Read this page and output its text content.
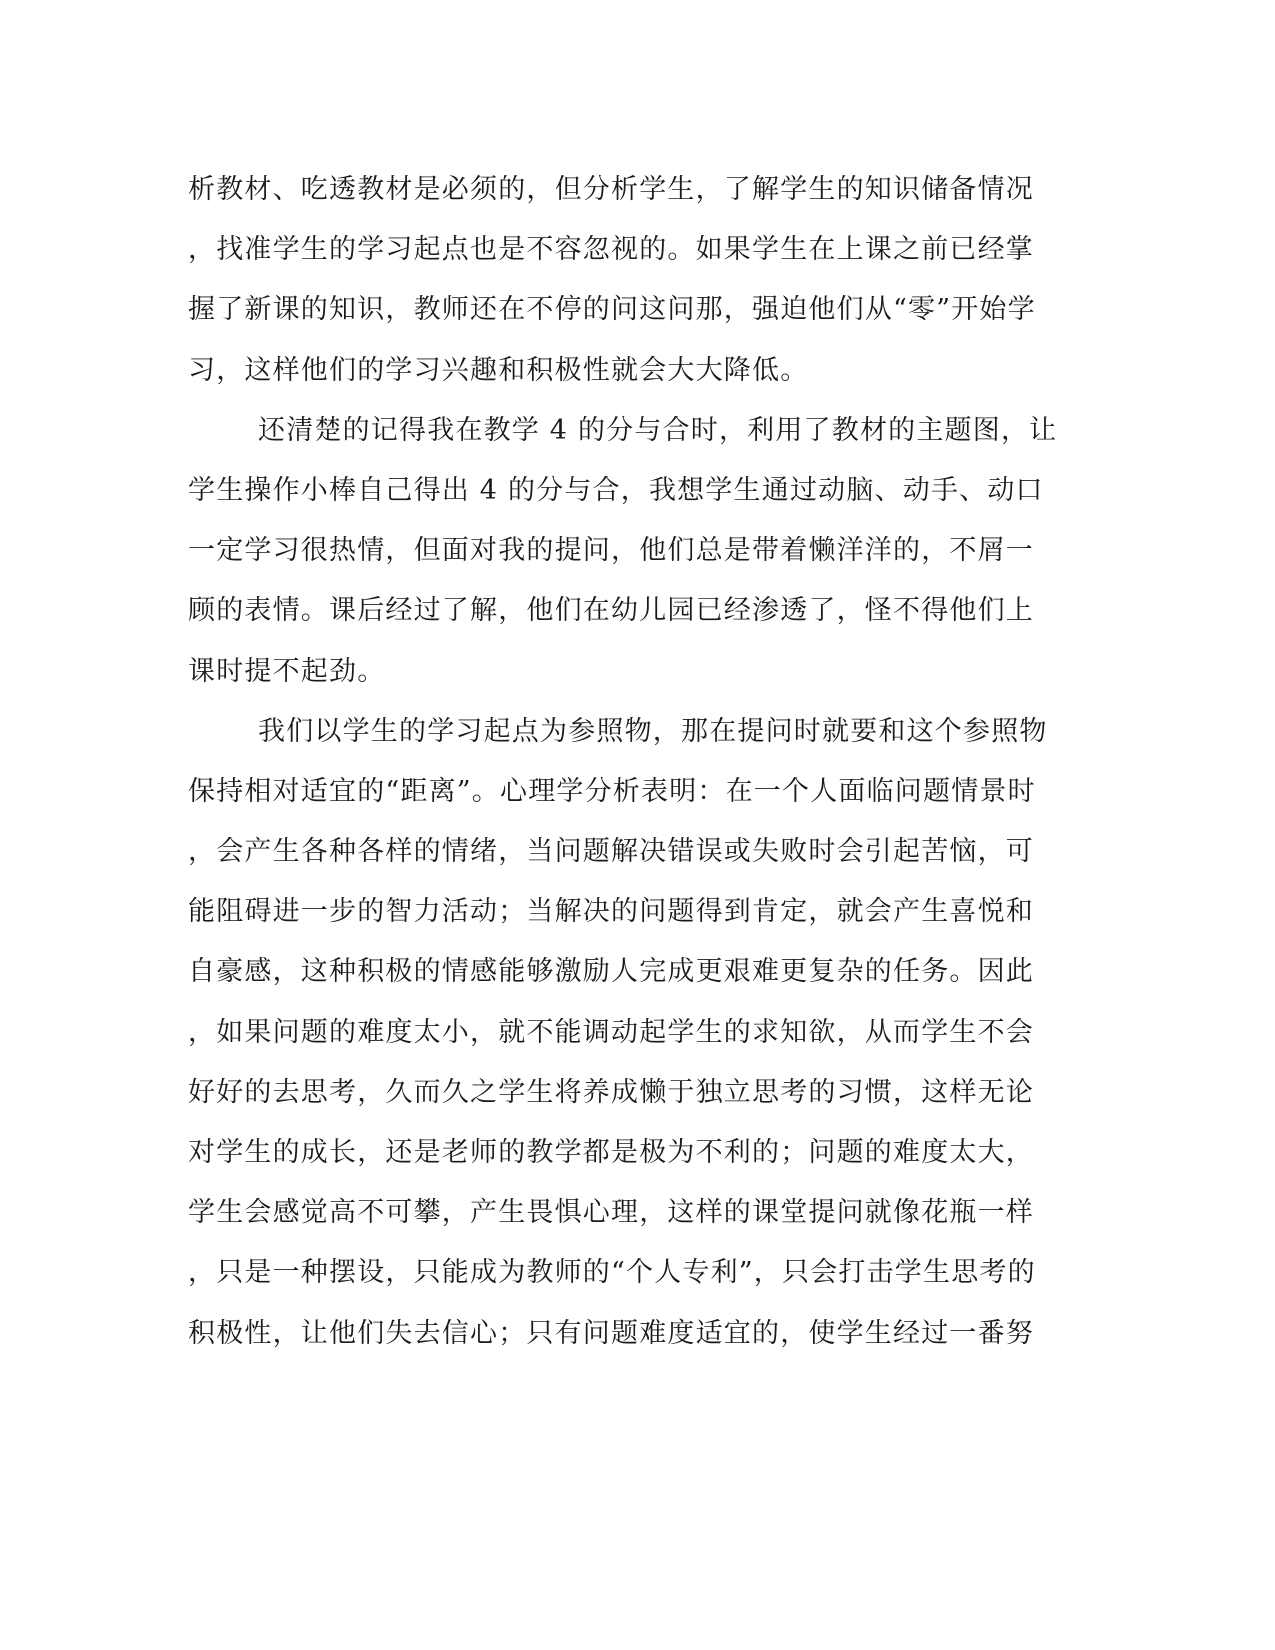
析教材、吃透教材是必须的，但分析学生，了解学生的知识储备情况
，找准学生的学习起点也是不容忽视的。如果学生在上课之前已经掌
握了新课的知识，教师还在不停的问这问那，强迫他们从“零”开始学
习，这样他们的学习兴趣和积极性就会大大降低。
还清楚的记得我在教学 4 的分与合时，利用了教材的主题图，让
学生操作小棒自己得出 4 的分与合，我想学生通过动脑、动手、动口
一定学习很热情，但面对我的提问，他们总是带着懒洋洋的，不屑一
顾的表情。课后经过了解，他们在幼儿园已经渗透了，怪不得他们上
课时提不起劲。
我们以学生的学习起点为参照物，那在提问时就要和这个参照物
保持相对适宜的“距离”。心理学分析表明：在一个人面临问题情景时
，会产生各种各样的情绪，当问题解决错误或失败时会引起苦恼，可
能阻碍进一步的智力活动；当解决的问题得到肯定，就会产生喜悦和
自豪感，这种积极的情感能够激励人完成更艰难更复杂的任务。因此
，如果问题的难度太小，就不能调动起学生的求知欲，从而学生不会
好好的去思考，久而久之学生将养成懒于独立思考的习惯，这样无论
对学生的成长，还是老师的教学都是极为不利的；问题的难度太大，
学生会感觉高不可攀，产生畏惧心理，这样的课堂提问就像花瓶一样
，只是一种摆设，只能成为教师的“个人专利”，只会打击学生思考的
积极性，让他们失去信心；只有问题难度适宜的，使学生经过一番努
